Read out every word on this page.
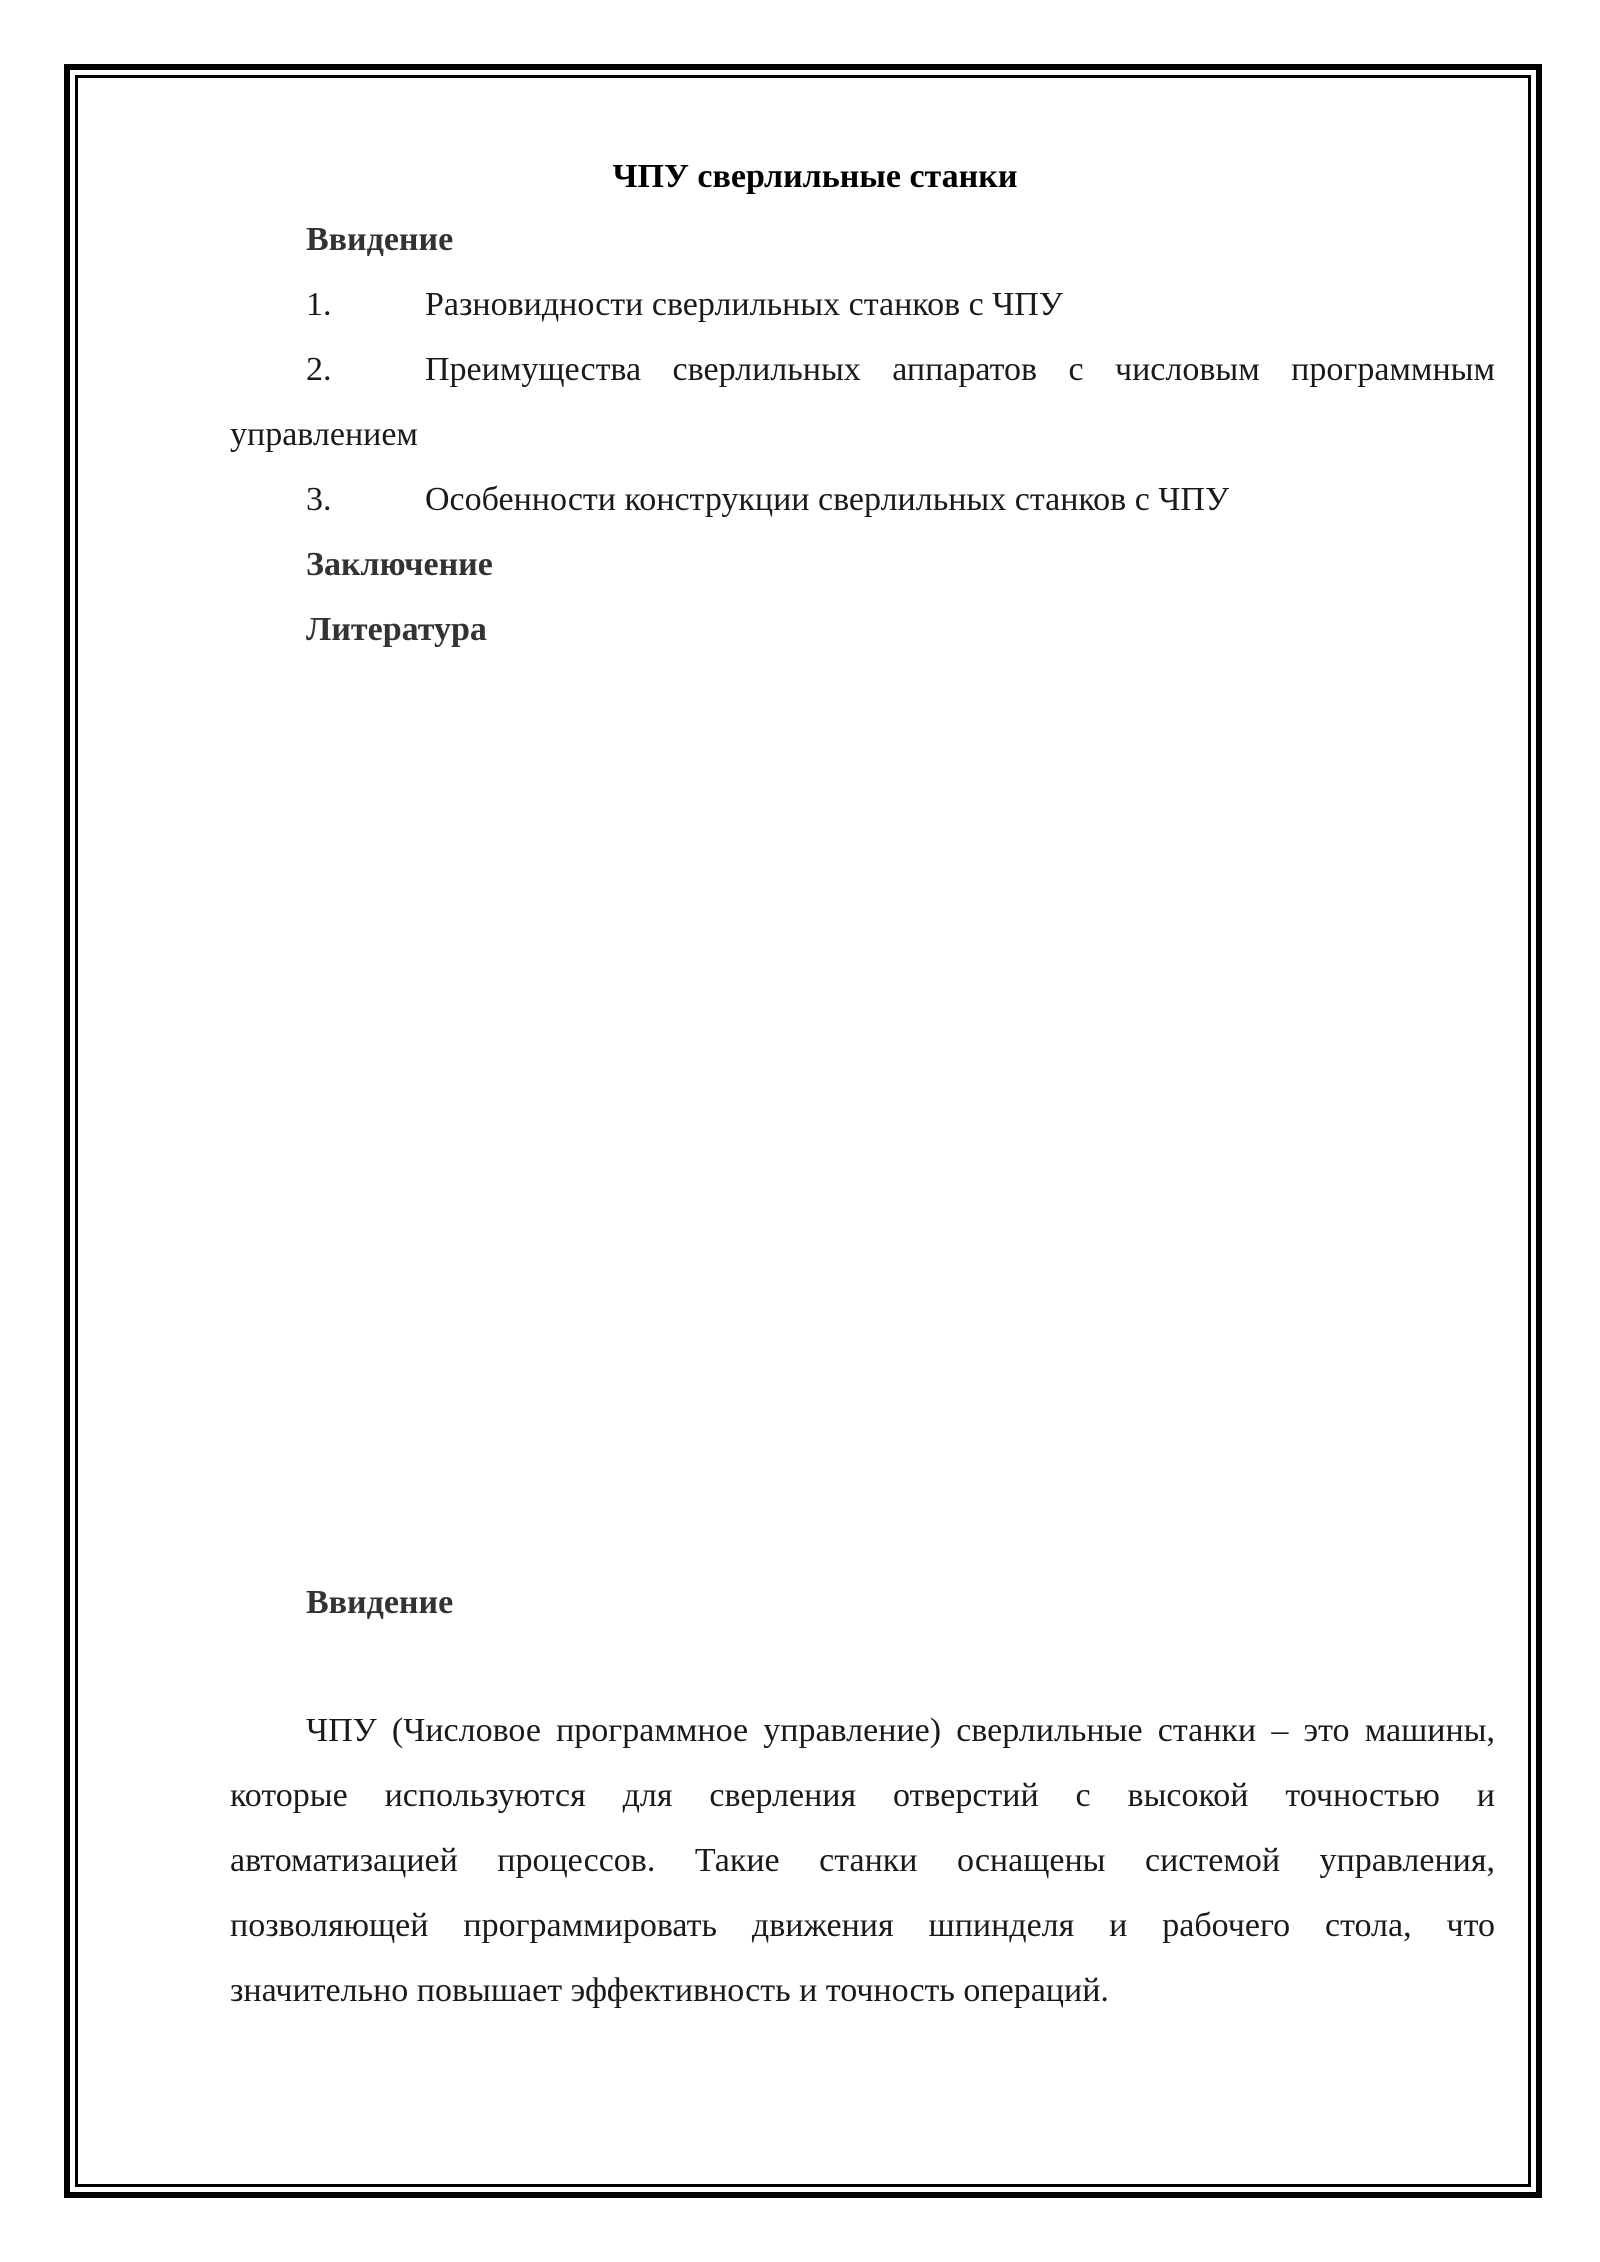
ЧПУ сверлильные станки
Ввидение
1.	Разновидности сверлильных станков с ЧПУ
2.	Преимущества сверлильных аппаратов с числовым программным
управлением
3.	Особенности конструкции сверлильных станков с ЧПУ
Заключение
Литература
Ввидение
ЧПУ (Числовое программное управление) сверлильные станки – это машины, которые используются для сверления отверстий с высокой точностью и автоматизацией процессов. Такие станки оснащены системой управления, позволяющей программировать движения шпинделя и рабочего стола, что значительно повышает эффективность и точность операций.
